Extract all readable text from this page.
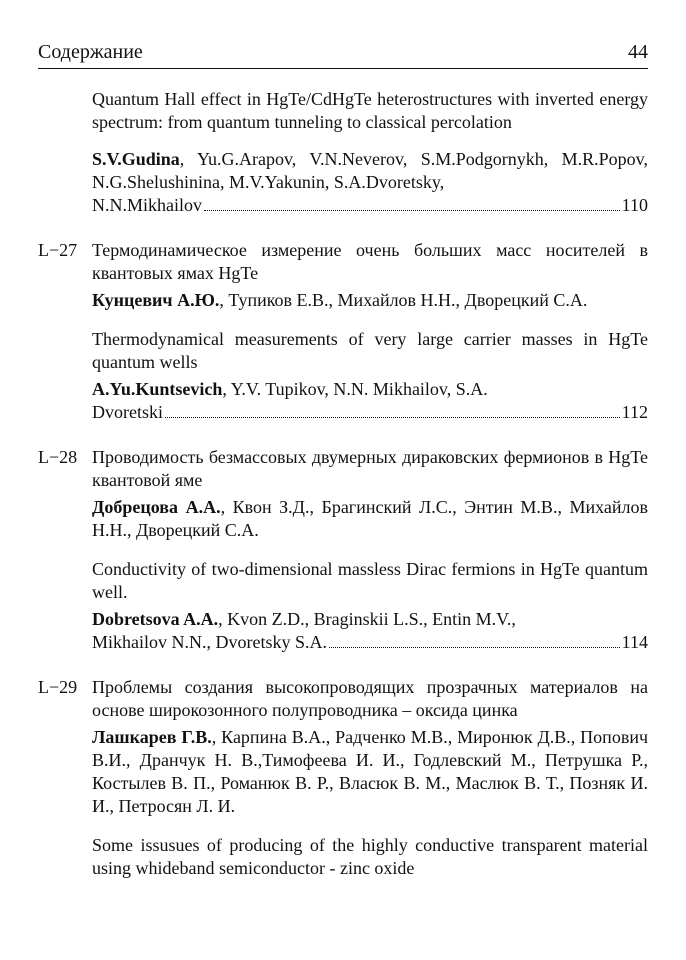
Содержание	44

Quantum Hall effect in HgTe/CdHgTe heterostructures with inverted energy spectrum: from quantum tunneling to classical percolation

S.V.Gudina, Yu.G.Arapov, V.N.Neverov, S.M.Podgornykh, M.R.Popov, N.G.Shelushinina, M.V.Yakunin, S.A.Dvoretsky,
N.N.Mikhailov	110
L−27 Термодинамическое измерение очень больших масс носителей в квантовых ямах HgTe

Кунцевич А.Ю., Тупиков Е.В., Михайлов Н.Н., Дворецкий С.А.

Thermodynamical measurements of very large carrier masses in HgTe quantum wells

A.Yu.Kuntsevich, Y.V. Tupikov, N.N. Mikhailov, S.A.
Dvoretski	112
L−28 Проводимость безмассовых двумерных дираковских фермионов в HgTe квантовой яме

Добрецова А.А., Квон З.Д., Брагинский Л.С., Энтин М.В., Михайлов Н.Н., Дворецкий С.А.

Conductivity of two-dimensional massless Dirac fermions in HgTe quantum well.

Dobretsova A.A., Kvon Z.D., Braginskii L.S., Entin M.V.,
Mikhailov N.N., Dvoretsky S.A.	114
L−29 Проблемы создания высокопроводящих прозрачных материалов на основе широкозонного полупроводника – оксида цинка

Лашкарев Г.В., Карпина В.А., Радченко М.В., Миронюк Д.В., Попович В.И., Дранчук Н. В.,Тимофеева И. И., Годлевский М., Петрушка Р., Костылев В. П., Романюк В. Р., Власюк В. М., Маслюк В. Т., Позняк И. И., Петросян Л. И.

Some issusues of producing of the highly conductive transparent material using whideband semiconductor - zinc oxide
